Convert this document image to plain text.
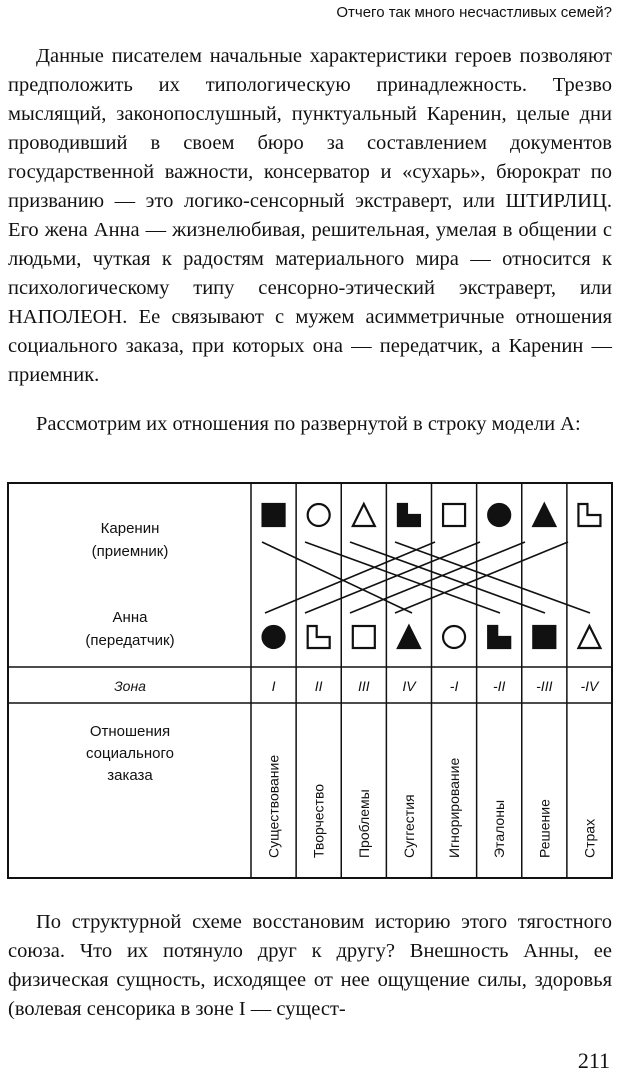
Отчего так много несчастливых семей?

Данные писателем начальные характеристики героев позволяют предположить их типологическую принадлежность. Трезво мыслящий, законопослушный, пунктуальный Каренин, целые дни проводивший в своем бюро за составлением документов государственной важности, консерватор и «сухарь», бюрократ по призванию — это логико-сенсорный экстраверт, или ШТИРЛИЦ. Его жена Анна — жизнелюбивая, решительная, умелая в общении с людьми, чуткая к радостям материального мира — относится к психологическому типу сенсорно-этический экстраверт, или НАПОЛЕОН. Ее связывают с мужем асимметричные отношения социального заказа, при которых она — передатчик, а Каренин — приемник.

Рассмотрим их отношения по развернутой в строку модели А:

Каренин
(приемник)
Анна
(передатчик)
Зона
Отношения
социального
заказа
I	II	III IV -I -II -III -IV
Существование Творчество Проблемы Суггестия Игнорирование Эталоны Решение Страх

По структурной схеме восстановим историю этого тягостного союза. Что их потянуло друг к другу? Внешность Анны, ее физическая сущность, исходящее от нее ощущение силы, здоровья (волевая сенсорика в зоне I — сущест-

211
